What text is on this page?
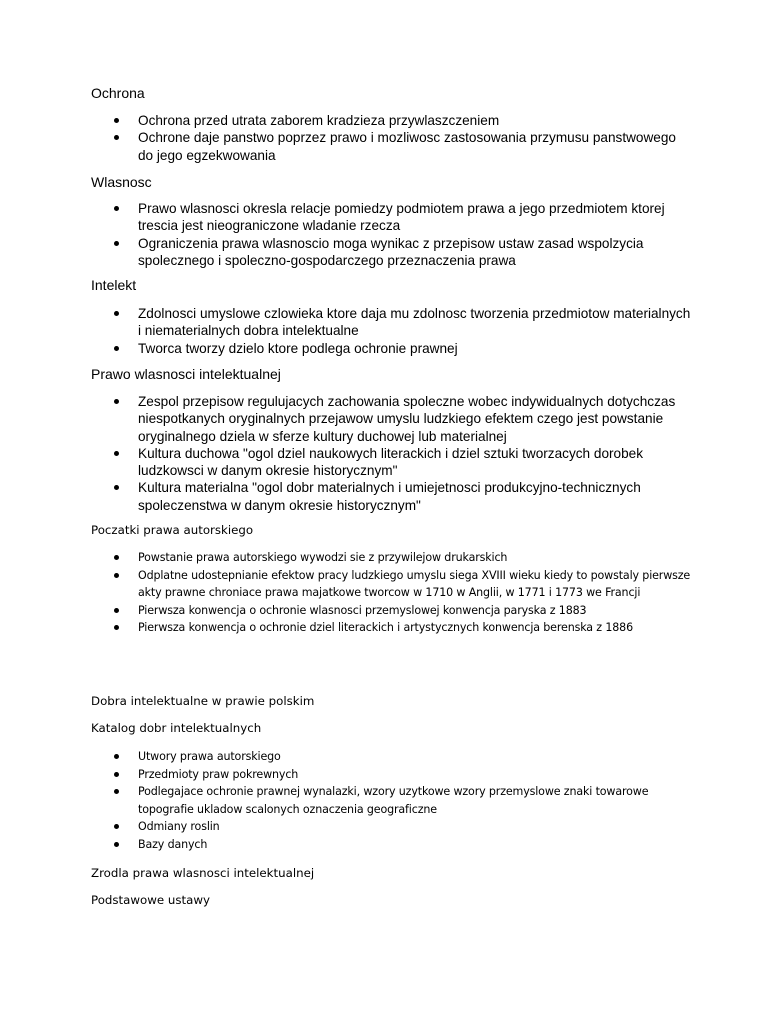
Ochrona
Ochrona przed utrata zaborem kradzieza przywlaszczeniem
Ochrone daje panstwo poprzez prawo i mozliwosc zastosowania przymusu panstwowego do jego egzekwowania
Wlasnosc
Prawo wlasnosci okresla relacje pomiedzy podmiotem prawa a jego przedmiotem ktorej trescia jest nieograniczone wladanie rzecza
Ograniczenia prawa wlasnoscio moga wynikac z przepisow ustaw zasad wspolzycia spolecznego i spoleczno-gospodarczego przeznaczenia prawa
Intelekt
Zdolnosci umyslowe czlowieka ktore daja mu zdolnosc tworzenia przedmiotow materialnych i niematerialnych dobra intelektualne
Tworca tworzy dzielo ktore podlega ochronie prawnej
Prawo wlasnosci intelektualnej
Zespol przepisow regulujacych zachowania spoleczne wobec indywidualnych dotychczas niespotkanych oryginalnych przejawow umyslu ludzkiego efektem czego jest powstanie oryginalnego dziela w sferze kultury duchowej lub materialnej
Kultura duchowa "ogol dziel naukowych literackich i dziel sztuki tworzacych dorobek ludzkowsci w danym okresie historycznym"
Kultura materialna "ogol dobr materialnych i umiejetnosci produkcyjno-technicznych spoleczenstwa w danym okresie historycznym"
Poczatki prawa autorskiego
Powstanie prawa autorskiego wywodzi sie z przywilejow drukarskich
Odplatne udostepnianie efektow pracy ludzkiego umyslu siega XVIII wieku kiedy to powstaly pierwsze akty prawne chroniace prawa majatkowe tworcow w 1710 w Anglii, w 1771 i 1773 we Francji
Pierwsza konwencja o ochronie wlasnosci przemyslowej konwencja paryska z 1883
Pierwsza konwencja o ochronie dziel literackich i artystycznych konwencja berenska z 1886
Dobra intelektualne w prawie polskim
Katalog dobr intelektualnych
Utwory prawa autorskiego
Przedmioty praw pokrewnych
Podlegajace ochronie prawnej wynalazki, wzory uzytkowe wzory przemyslowe znaki towarowe topografie ukladow scalonych oznaczenia geograficzne
Odmiany roslin
Bazy danych
Zrodla prawa wlasnosci intelektualnej
Podstawowe ustawy
